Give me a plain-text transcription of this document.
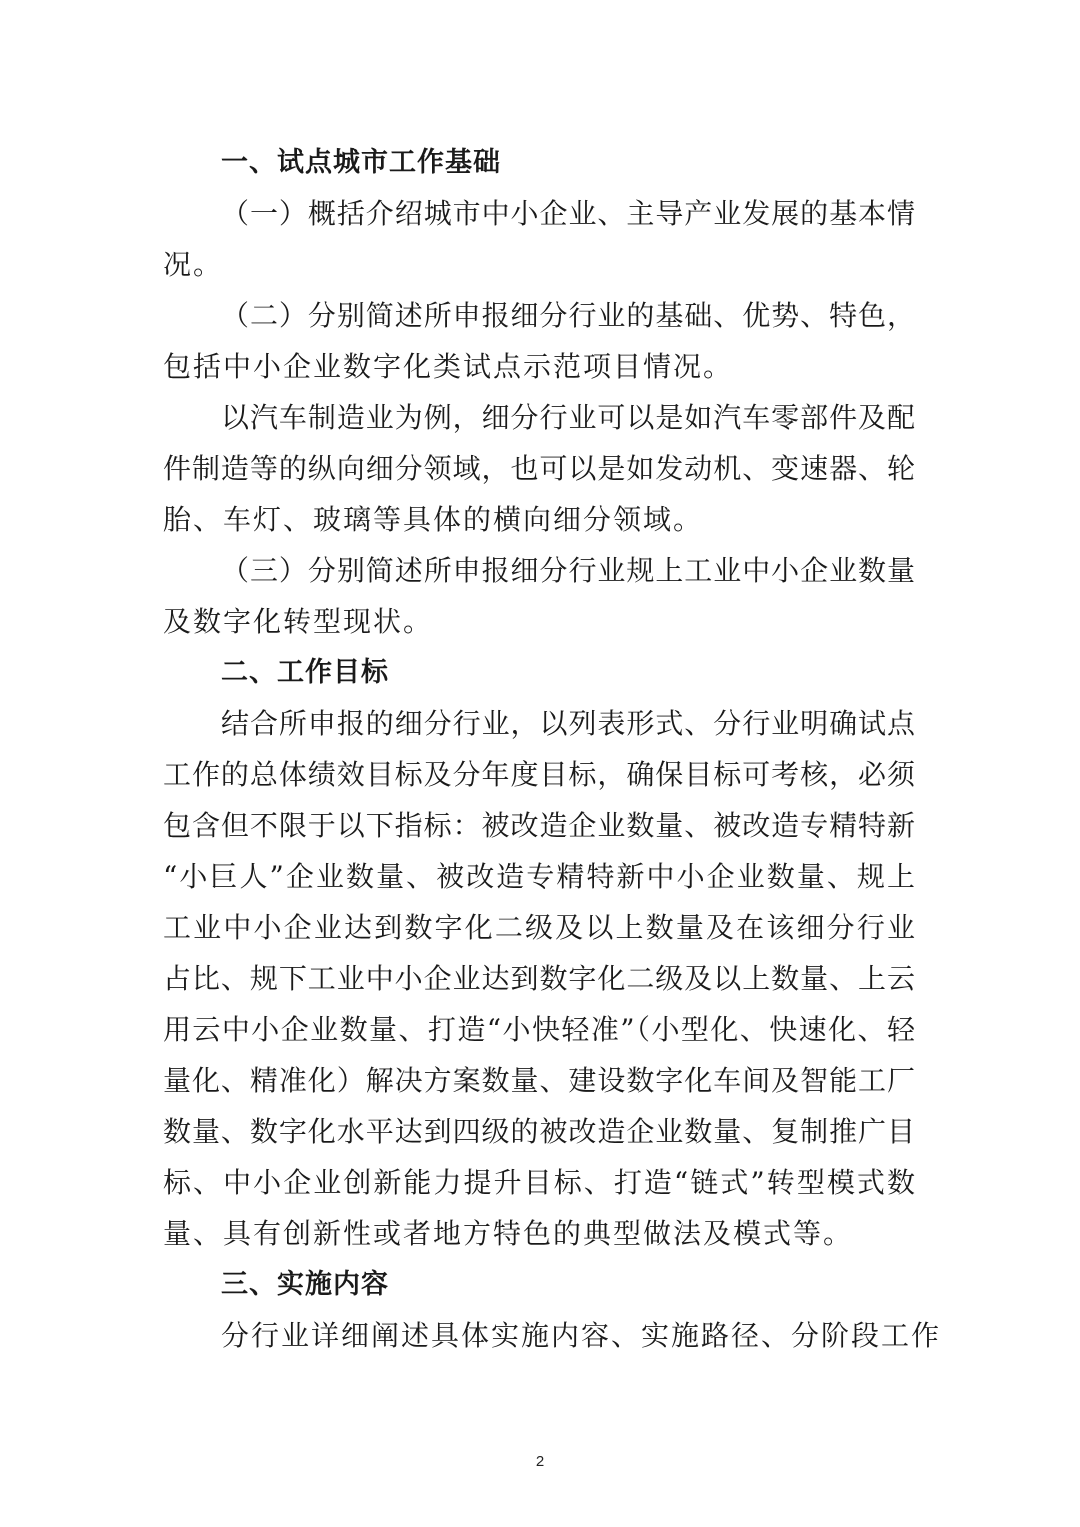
一、试点城市工作基础
（一）概括介绍城市中小企业、主导产业发展的基本情
况。
（二）分别简述所申报细分行业的基础、优势、特色，
包括中小企业数字化类试点示范项目情况。
以汽车制造业为例，细分行业可以是如汽车零部件及配
件制造等的纵向细分领域，也可以是如发动机、变速器、轮
胎、车灯、玻璃等具体的横向细分领域。
（三）分别简述所申报细分行业规上工业中小企业数量
及数字化转型现状。
二、工作目标
结合所申报的细分行业，以列表形式、分行业明确试点
工作的总体绩效目标及分年度目标，确保目标可考核，必须
包含但不限于以下指标：被改造企业数量、被改造专精特新
“小巨人”企业数量、被改造专精特新中小企业数量、规上
工业中小企业达到数字化二级及以上数量及在该细分行业
占比、规下工业中小企业达到数字化二级及以上数量、上云
用云中小企业数量、打造“小快轻准”（小型化、快速化、轻
量化、精准化）解决方案数量、建设数字化车间及智能工厂
数量、数字化水平达到四级的被改造企业数量、复制推广目
标、中小企业创新能力提升目标、打造“链式”转型模式数
量、具有创新性或者地方特色的典型做法及模式等。
三、实施内容
分行业详细阐述具体实施内容、实施路径、分阶段工作
2
